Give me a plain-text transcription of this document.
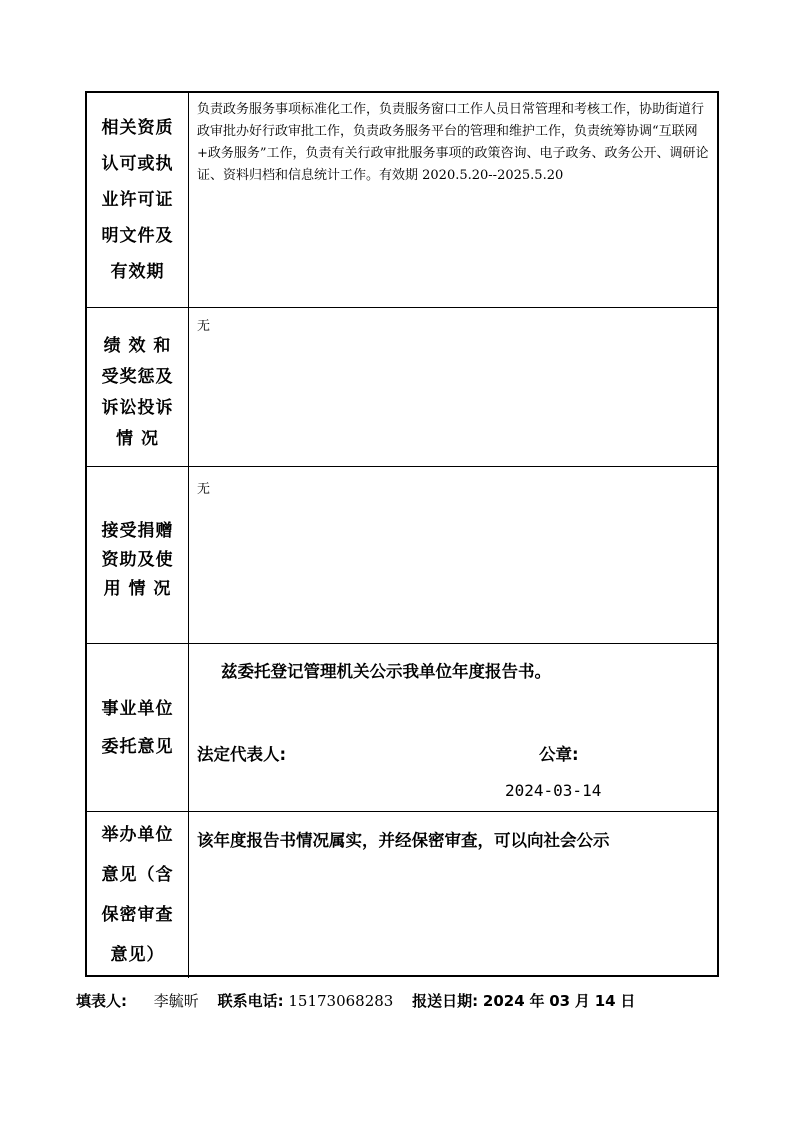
相关资质
认可或执
业许可证
明文件及
有效期
负责政务服务事项标准化工作，负责服务窗口工作人员日常管理和考核工作，协助街道行政审批办好行政审批工作，负责政务服务平台的管理和维护工作，负责统筹协调“互联网+政务服务”工作，负责有关行政审批服务事项的政策咨询、电子政务、政务公开、调研论证、资料归档和信息统计工作。有效期 2020.5.20--2025.5.20
绩 效 和
受奖惩及
诉讼投诉
情 况
无
接受捐赠
资助及使
用 情 况
无
事业单位
委托意见
兹委托登记管理机关公示我单位年度报告书。
法定代表人:	公章:
2024-03-14
举办单位
意见（含
保密审查
意见）
该年度报告书情况属实，并经保密审查，可以向社会公示
填表人: 李毓昕 联系电话: 15173068283 报送日期: 2024 年 03 月 14 日
